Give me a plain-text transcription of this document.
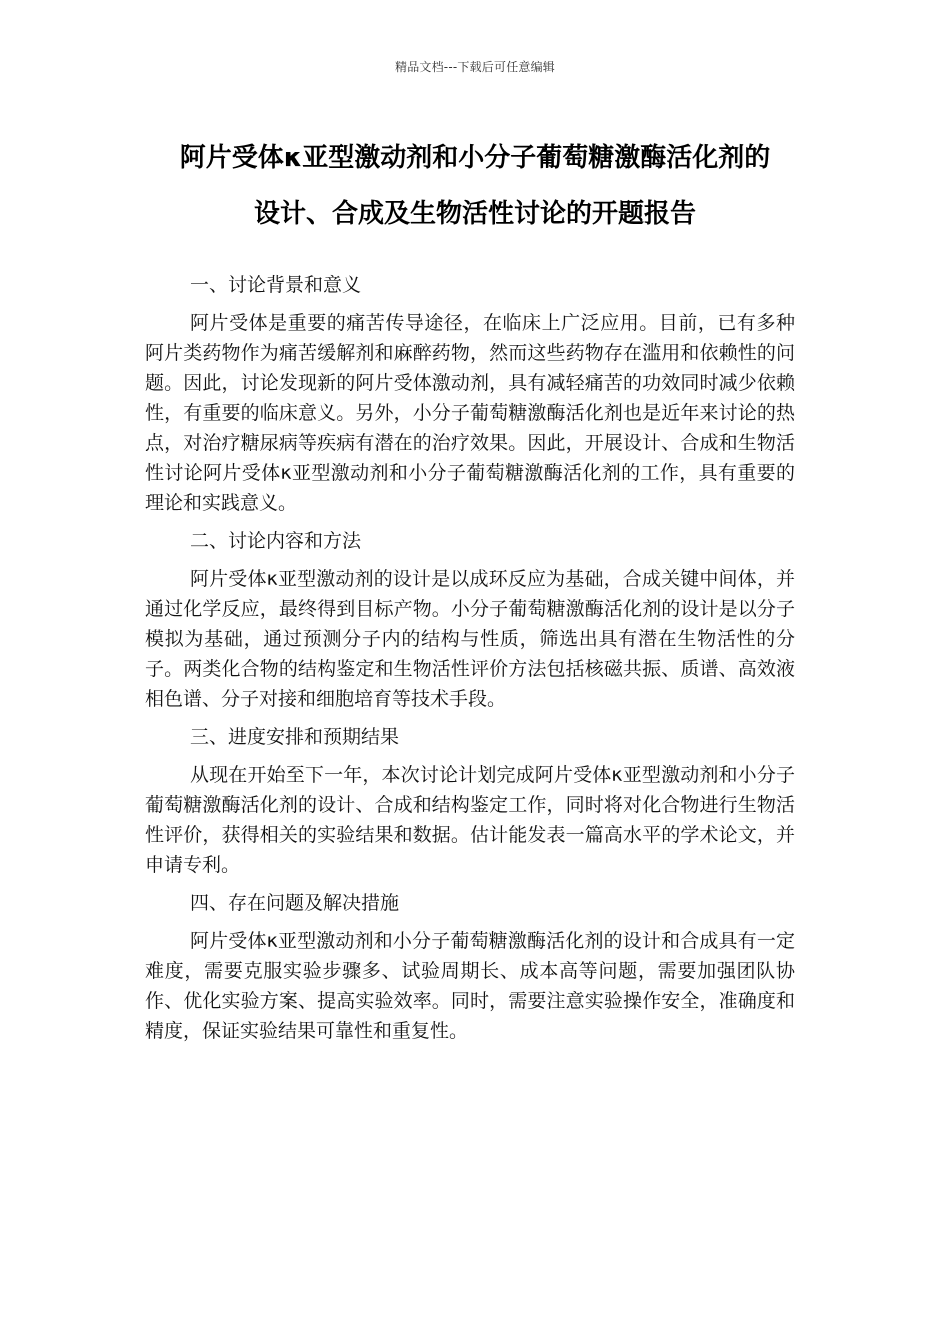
精品文档---下载后可任意编辑
阿片受体κ亚型激动剂和小分子葡萄糖激酶活化剂的
设计、合成及生物活性讨论的开题报告
一、讨论背景和意义
阿片受体是重要的痛苦传导途径，在临床上广泛应用。目前，已有多种阿片类药物作为痛苦缓解剂和麻醉药物，然而这些药物存在滥用和依赖性的问题。因此，讨论发现新的阿片受体激动剂，具有减轻痛苦的功效同时减少依赖性，有重要的临床意义。另外，小分子葡萄糖激酶活化剂也是近年来讨论的热点，对治疗糖尿病等疾病有潜在的治疗效果。因此，开展设计、合成和生物活性讨论阿片受体κ亚型激动剂和小分子葡萄糖激酶活化剂的工作，具有重要的理论和实践意义。
二、讨论内容和方法
阿片受体κ亚型激动剂的设计是以成环反应为基础，合成关键中间体，并通过化学反应，最终得到目标产物。小分子葡萄糖激酶活化剂的设计是以分子模拟为基础，通过预测分子内的结构与性质，筛选出具有潜在生物活性的分子。两类化合物的结构鉴定和生物活性评价方法包括核磁共振、质谱、高效液相色谱、分子对接和细胞培育等技术手段。
三、进度安排和预期结果
从现在开始至下一年，本次讨论计划完成阿片受体κ亚型激动剂和小分子葡萄糖激酶活化剂的设计、合成和结构鉴定工作，同时将对化合物进行生物活性评价，获得相关的实验结果和数据。估计能发表一篇高水平的学术论文，并申请专利。
四、存在问题及解决措施
阿片受体κ亚型激动剂和小分子葡萄糖激酶活化剂的设计和合成具有一定难度，需要克服实验步骤多、试验周期长、成本高等问题，需要加强团队协作、优化实验方案、提高实验效率。同时，需要注意实验操作安全，准确度和精度，保证实验结果可靠性和重复性。
